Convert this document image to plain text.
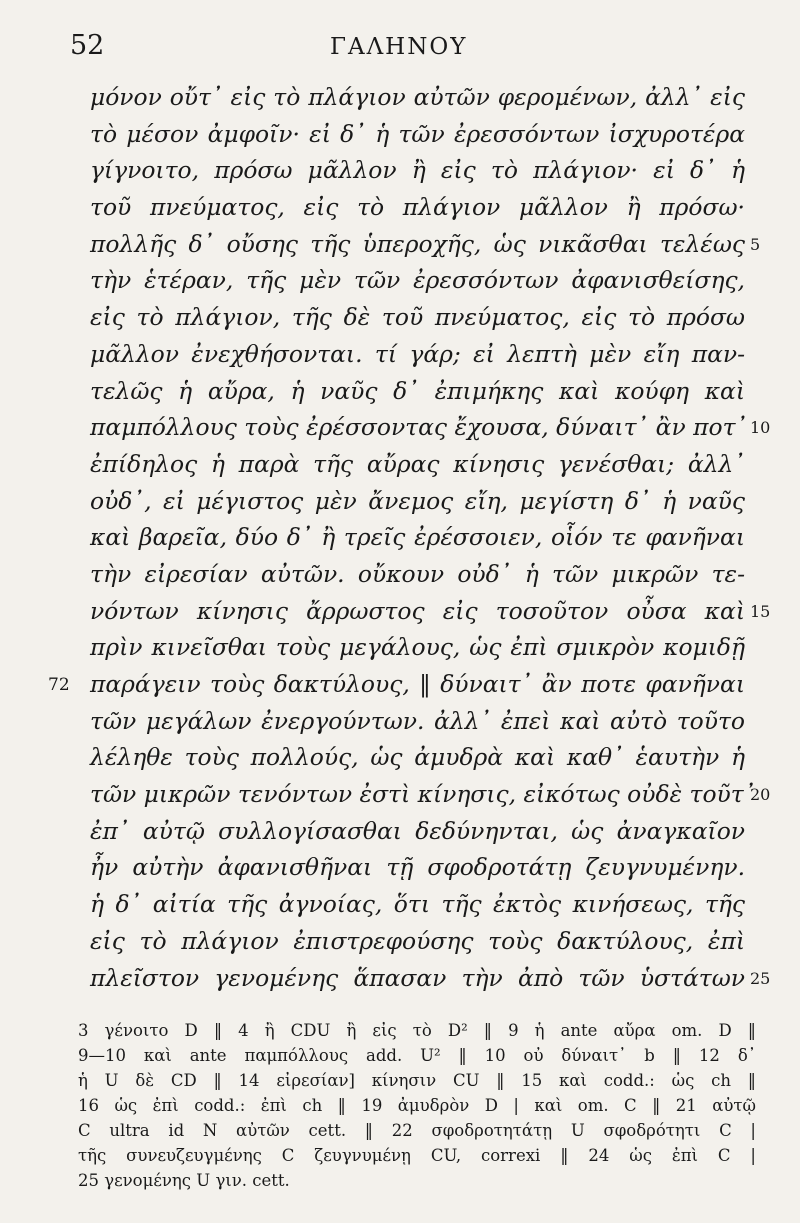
52	ΓΑΛΗΝΟΥ
μόνον οὔτ᾽ εἰς τὸ πλάγιον αὐτῶν φερομένων, ἀλλ᾽ εἰς
τὸ μέσον ἀμφοῖν· εἰ δ᾽ ἡ τῶν ἐρεσσόντων ἰσχυροτέρα
γίγνοιτο, πρόσω μᾶλλον ἢ εἰς τὸ πλάγιον· εἰ δ᾽ ἡ
τοῦ πνεύματος, εἰς τὸ πλάγιον μᾶλλον ἢ πρόσω·
πολλῆς δ᾽ οὔσης τῆς ὑπεροχῆς, ὡς νικᾶσθαι τελέως 5
τὴν ἑτέραν, τῆς μὲν τῶν ἐρεσσόντων ἀφανισθείσης,
εἰς τὸ πλάγιον, τῆς δὲ τοῦ πνεύματος, εἰς τὸ πρόσω
μᾶλλον ἐνεχθήσονται. τί γάρ; εἰ λεπτὴ μὲν εἴη παν-
τελῶς ἡ αὔρα, ἡ ναῦς δ᾽ ἐπιμήκης καὶ κούφη καὶ
παμπόλλους τοὺς ἐρέσσοντας ἔχουσα, δύναιτ᾽ ἂν ποτ᾽ 10
ἐπίδηλος ἡ παρὰ τῆς αὔρας κίνησις γενέσθαι; ἀλλ᾽
οὐδ᾽, εἰ μέγιστος μὲν ἄνεμος εἴη, μεγίστη δ᾽ ἡ ναῦς
καὶ βαρεῖα, δύο δ᾽ ἢ τρεῖς ἐρέσσοιεν, οἷόν τε φανῆναι
τὴν εἰρεσίαν αὐτῶν. οὔκουν οὐδ᾽ ἡ τῶν μικρῶν τε-
νόντων κίνησις ἄρρωστος εἰς τοσοῦτον οὖσα καὶ 15
πρὶν κινεῖσθαι τοὺς μεγάλους, ὡς ἐπὶ σμικρὸν κομιδῇ
παράγειν τοὺς δακτύλους, ‖ δύναιτ᾽ ἂν ποτε φανῆναι
72
τῶν μεγάλων ἐνεργούντων. ἀλλ᾽ ἐπεὶ καὶ αὐτὸ τοῦτο
λέληθε τοὺς πολλούς, ὡς ἀμυδρὰ καὶ καθ᾽ ἑαυτὴν ἡ
τῶν μικρῶν τενόντων ἐστὶ κίνησις, εἰκότως οὐδὲ τοῦτ᾽
20
ἐπ᾽ αὐτῷ συλλογίσασθαι δεδύνηνται, ὡς ἀναγκαῖον
ἦν αὐτὴν ἀφανισθῆναι τῇ σφοδροτάτῃ ζευγνυμένην.
ἡ δ᾽ αἰτία τῆς ἀγνοίας, ὅτι τῆς ἐκτὸς κινήσεως, τῆς
εἰς τὸ πλάγιον ἐπιστρεφούσης τοὺς δακτύλους, ἐπὶ
πλεῖστον γενομένης ἅπασαν τὴν ἀπὸ τῶν ὑστάτων 25
3 γένοιτο D ‖ 4 ἢ CDU ἢ εἰς τὸ D² ‖ 9 ἡ ante αὔρα om. D ‖
9—10 καὶ ante παμπόλλους add. U² ‖ 10 οὐ δύναιτ᾽ b ‖ 12 δ᾽
ἡ U δὲ CD ‖ 14 εἰρεσίαν] κίνησιν CU ‖ 15 καὶ codd.: ὡς ch ‖
16 ὡς ἐπὶ codd.: ἐπὶ ch ‖ 19 ἀμυδρὸν D | καὶ om. C ‖ 21 αὐτῷ
C ultra id N αὐτῶν cett. ‖ 22 σφοδροτητάτῃ U σφοδρότητι C |
τῆς συνευζευγμένης C ζευγνυμένῃ CU, correxi ‖ 24 ὡς ἐπὶ C |
25 γενομένης U γιν. cett.
